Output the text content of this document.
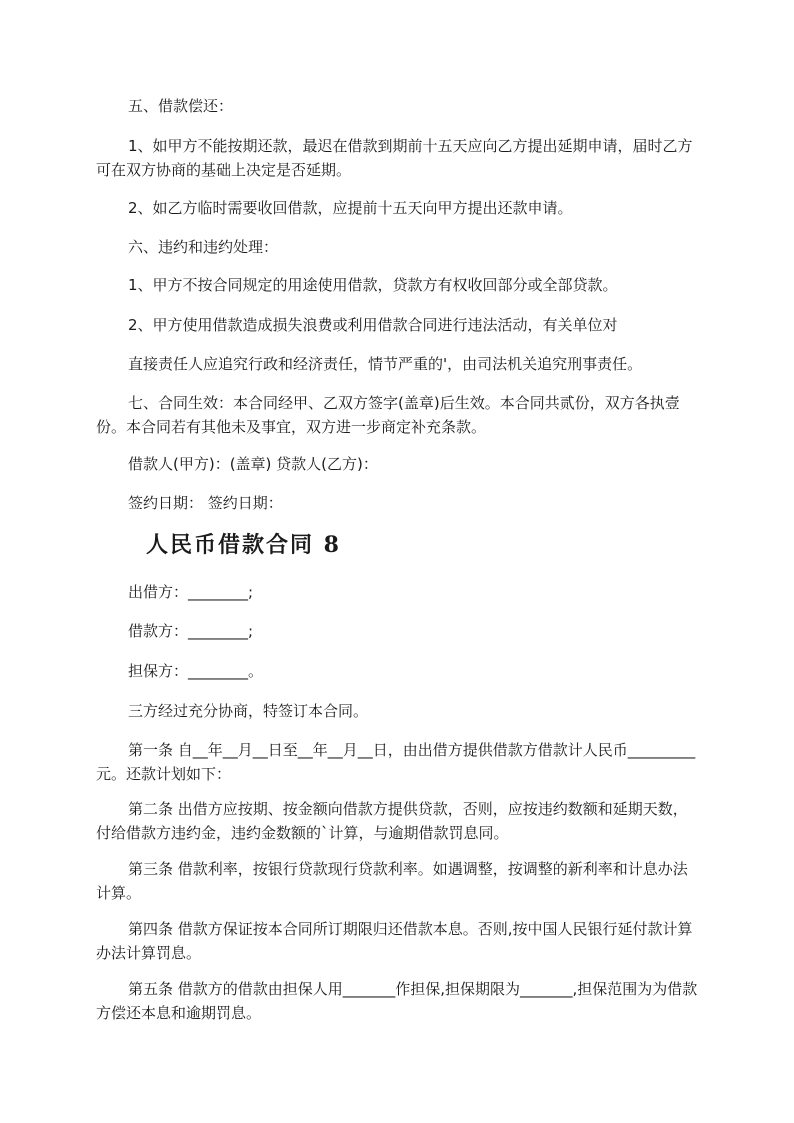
五、借款偿还：

1、如甲方不能按期还款，最迟在借款到期前十五天应向乙方提出延期申请，届时乙方可在双方协商的基础上决定是否延期。

2、如乙方临时需要收回借款，应提前十五天向甲方提出还款申请。

六、违约和违约处理：

1、甲方不按合同规定的用途使用借款，贷款方有权收回部分或全部贷款。

2、甲方使用借款造成损失浪费或利用借款合同进行违法活动，有关单位对

直接责任人应追究行政和经济责任，情节严重的'，由司法机关追究刑事责任。

七、合同生效：本合同经甲、乙双方签字(盖章)后生效。本合同共贰份，双方各执壹份。本合同若有其他未及事宜，双方进一步商定补充条款。

借款人(甲方)：(盖章) 贷款人(乙方)：

签约日期： 签约日期：

人民币借款合同 8

出借方：________;

借款方：________;

担保方：________。

三方经过充分协商，特签订本合同。

第一条 自__年__月__日至__年__月__日，由出借方提供借款方借款计人民币_________元。还款计划如下：

第二条 出借方应按期、按金额向借款方提供贷款，否则，应按违约数额和延期天数，付给借款方违约金，违约金数额的`计算，与逾期借款罚息同。

第三条 借款利率，按银行贷款现行贷款利率。如遇调整，按调整的新利率和计息办法计算。

第四条 借款方保证按本合同所订期限归还借款本息。否则,按中国人民银行延付款计算办法计算罚息。

第五条 借款方的借款由担保人用_______作担保,担保期限为_______,担保范围为为借款方偿还本息和逾期罚息。
